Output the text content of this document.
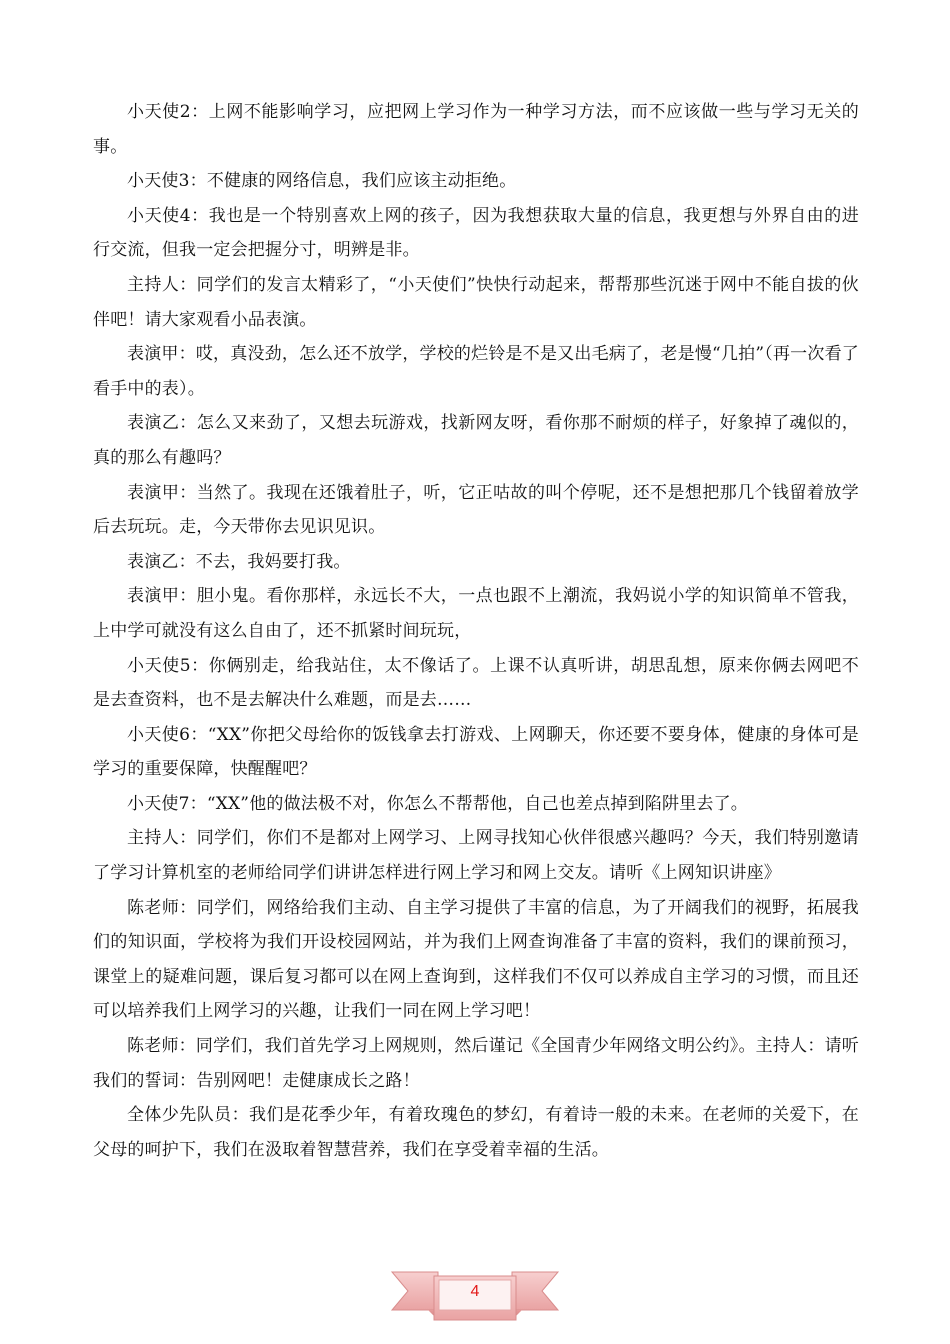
小天使2：上网不能影响学习，应把网上学习作为一种学习方法，而不应该做一些与学习无关的事。

小天使3：不健康的网络信息，我们应该主动拒绝。

小天使4：我也是一个特别喜欢上网的孩子，因为我想获取大量的信息，我更想与外界自由的进行交流，但我一定会把握分寸，明辨是非。

主持人：同学们的发言太精彩了，“小天使们”快快行动起来，帮帮那些沉迷于网中不能自拔的伙伴吧！请大家观看小品表演。

表演甲：哎，真没劲，怎么还不放学，学校的烂铃是不是又出毛病了，老是慢“几拍”（再一次看了看手中的表）。

表演乙：怎么又来劲了，又想去玩游戏，找新网友呀，看你那不耐烦的样子，好象掉了魂似的，真的那么有趣吗？

表演甲：当然了。我现在还饿着肚子，听，它正咕故的叫个停呢，还不是想把那几个钱留着放学后去玩玩。走，今天带你去见识见识。

表演乙：不去，我妈要打我。

表演甲：胆小鬼。看你那样，永远长不大，一点也跟不上潮流，我妈说小学的知识简单不管我，上中学可就没有这么自由了，还不抓紧时间玩玩，

小天使5：你俩别走，给我站住，太不像话了。上课不认真听讲，胡思乱想，原来你俩去网吧不是去查资料，也不是去解决什么难题，而是去……

小天使6：“XX”你把父母给你的饭钱拿去打游戏、上网聊天，你还要不要身体，健康的身体可是学习的重要保障，快醒醒吧？

小天使7：“XX”他的做法极不对，你怎么不帮帮他，自己也差点掉到陷阱里去了。

主持人：同学们，你们不是都对上网学习、上网寻找知心伙伴很感兴趣吗？今天，我们特别邀请了学习计算机室的老师给同学们讲讲怎样进行网上学习和网上交友。请听《上网知识讲座》

陈老师：同学们，网络给我们主动、自主学习提供了丰富的信息，为了开阔我们的视野，拓展我们的知识面，学校将为我们开设校园网站，并为我们上网查询准备了丰富的资料，我们的课前预习，课堂上的疑难问题，课后复习都可以在网上查询到，这样我们不仅可以养成自主学习的习惯，而且还可以培养我们上网学习的兴趣，让我们一同在网上学习吧！

陈老师：同学们，我们首先学习上网规则，然后谨记《全国青少年网络文明公约》。主持人：请听我们的誓词：告别网吧！走健康成长之路！

全体少先队员：我们是花季少年，有着玫瑰色的梦幻，有着诗一般的未来。在老师的关爱下，在父母的呵护下，我们在汲取着智慧营养，我们在享受着幸福的生活。

4
